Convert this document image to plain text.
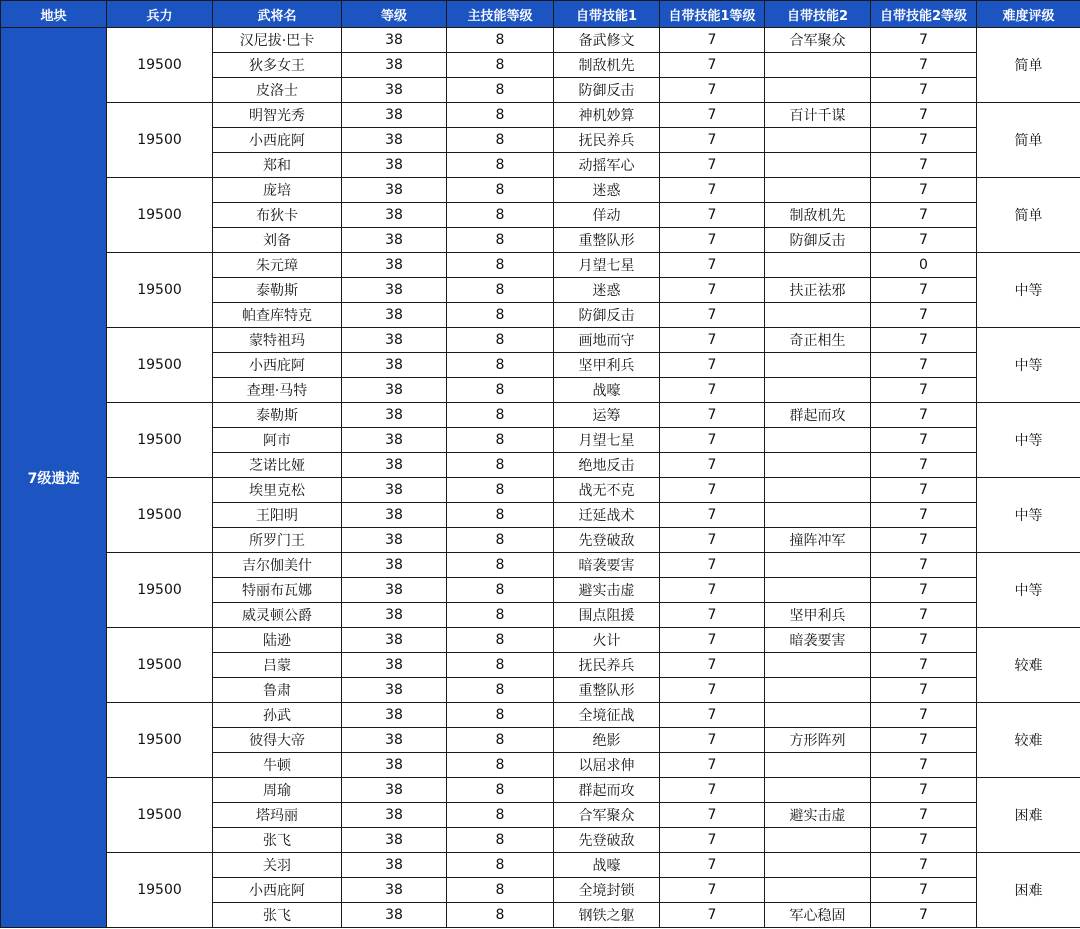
地块	兵力	武将名	等级	主技能等级	自带技能1	自带技能1等级	自带技能2	自带技能2等级	难度评级
7级遗迹	19500	汉尼拔·巴卡	38	8	备武修文	7	合军聚众	7	简单
		狄多女王	38	8	制敌机先	7		7	
		皮洛士	38	8	防御反击	7		7	
	19500	明智光秀	38	8	神机妙算	7	百计千谋	7	简单
		小西庇阿	38	8	抚民养兵	7		7	
		郑和	38	8	动摇军心	7		7	
	19500	庞培	38	8	迷惑	7		7	简单
		布狄卡	38	8	佯动	7	制敌机先	7	
		刘备	38	8	重整队形	7	防御反击	7	
	19500	朱元璋	38	8	月望七星	7		0	中等
		泰勒斯	38	8	迷惑	7	扶正祛邪	7	
		帕查库特克	38	8	防御反击	7		7	
	19500	蒙特祖玛	38	8	画地而守	7	奇正相生	7	中等
		小西庇阿	38	8	坚甲利兵	7		7	
		查理·马特	38	8	战嚎	7		7	
	19500	泰勒斯	38	8	运筹	7	群起而攻	7	中等
		阿市	38	8	月望七星	7		7	
		芝诺比娅	38	8	绝地反击	7		7	
	19500	埃里克松	38	8	战无不克	7		7	中等
		王阳明	38	8	迁延战术	7		7	
		所罗门王	38	8	先登破敌	7	撞阵冲军	7	
	19500	吉尔伽美什	38	8	暗袭要害	7		7	中等
		特丽布瓦娜	38	8	避实击虚	7		7	
		威灵顿公爵	38	8	围点阻援	7	坚甲利兵	7	
	19500	陆逊	38	8	火计	7	暗袭要害	7	较难
		吕蒙	38	8	抚民养兵	7		7	
		鲁肃	38	8	重整队形	7		7	
	19500	孙武	38	8	全境征战	7		7	较难
		彼得大帝	38	8	绝影	7	方形阵列	7	
		牛顿	38	8	以屈求伸	7		7	
	19500	周瑜	38	8	群起而攻	7		7	困难
		塔玛丽	38	8	合军聚众	7	避实击虚	7	
		张飞	38	8	先登破敌	7		7	
	19500	关羽	38	8	战嚎	7		7	困难
		小西庇阿	38	8	全境封锁	7		7	
		张飞	38	8	钢铁之躯	7	军心稳固	7	
